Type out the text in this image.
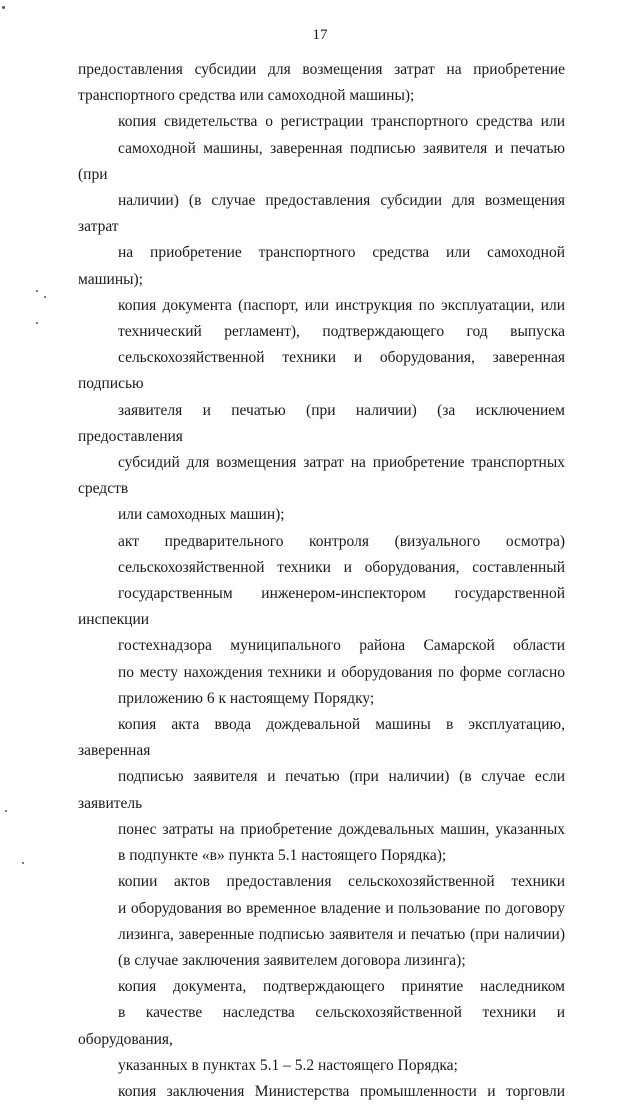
17

предоставления субсидии для возмещения затрат на приобретение
транспортного средства или самоходной машины);

копия свидетельства о регистрации транспортного средства или
самоходной машины, заверенная подписью заявителя и печатью (при
наличии) (в случае предоставления субсидии для возмещения затрат
на приобретение транспортного средства или самоходной машины);

копия документа (паспорт, или инструкция по эксплуатации, или
технический регламент), подтверждающего год выпуска
сельскохозяйственной техники и оборудования, заверенная подписью
заявителя и печатью (при наличии) (за исключением предоставления
субсидий для возмещения затрат на приобретение транспортных средств
или самоходных машин);

акт предварительного контроля (визуального осмотра)
сельскохозяйственной техники и оборудования, составленный
государственным инженером-инспектором государственной инспекции
гостехнадзора муниципального района Самарской области
по месту нахождения техники и оборудования по форме согласно
приложению 6 к настоящему Порядку;

копия акта ввода дождевальной машины в эксплуатацию, заверенная
подписью заявителя и печатью (при наличии) (в случае если заявитель
понес затраты на приобретение дождевальных машин, указанных
в подпункте «в» пункта 5.1 настоящего Порядка);

копии актов предоставления сельскохозяйственной техники
и оборудования во временное владение и пользование по договору
лизинга, заверенные подписью заявителя и печатью (при наличии)
(в случае заключения заявителем договора лизинга);

копия документа, подтверждающего принятие наследником
в качестве наследства сельскохозяйственной техники и оборудования,
указанных в пунктах 5.1 – 5.2 настоящего Порядка;

копия заключения Министерства промышленности и торговли
